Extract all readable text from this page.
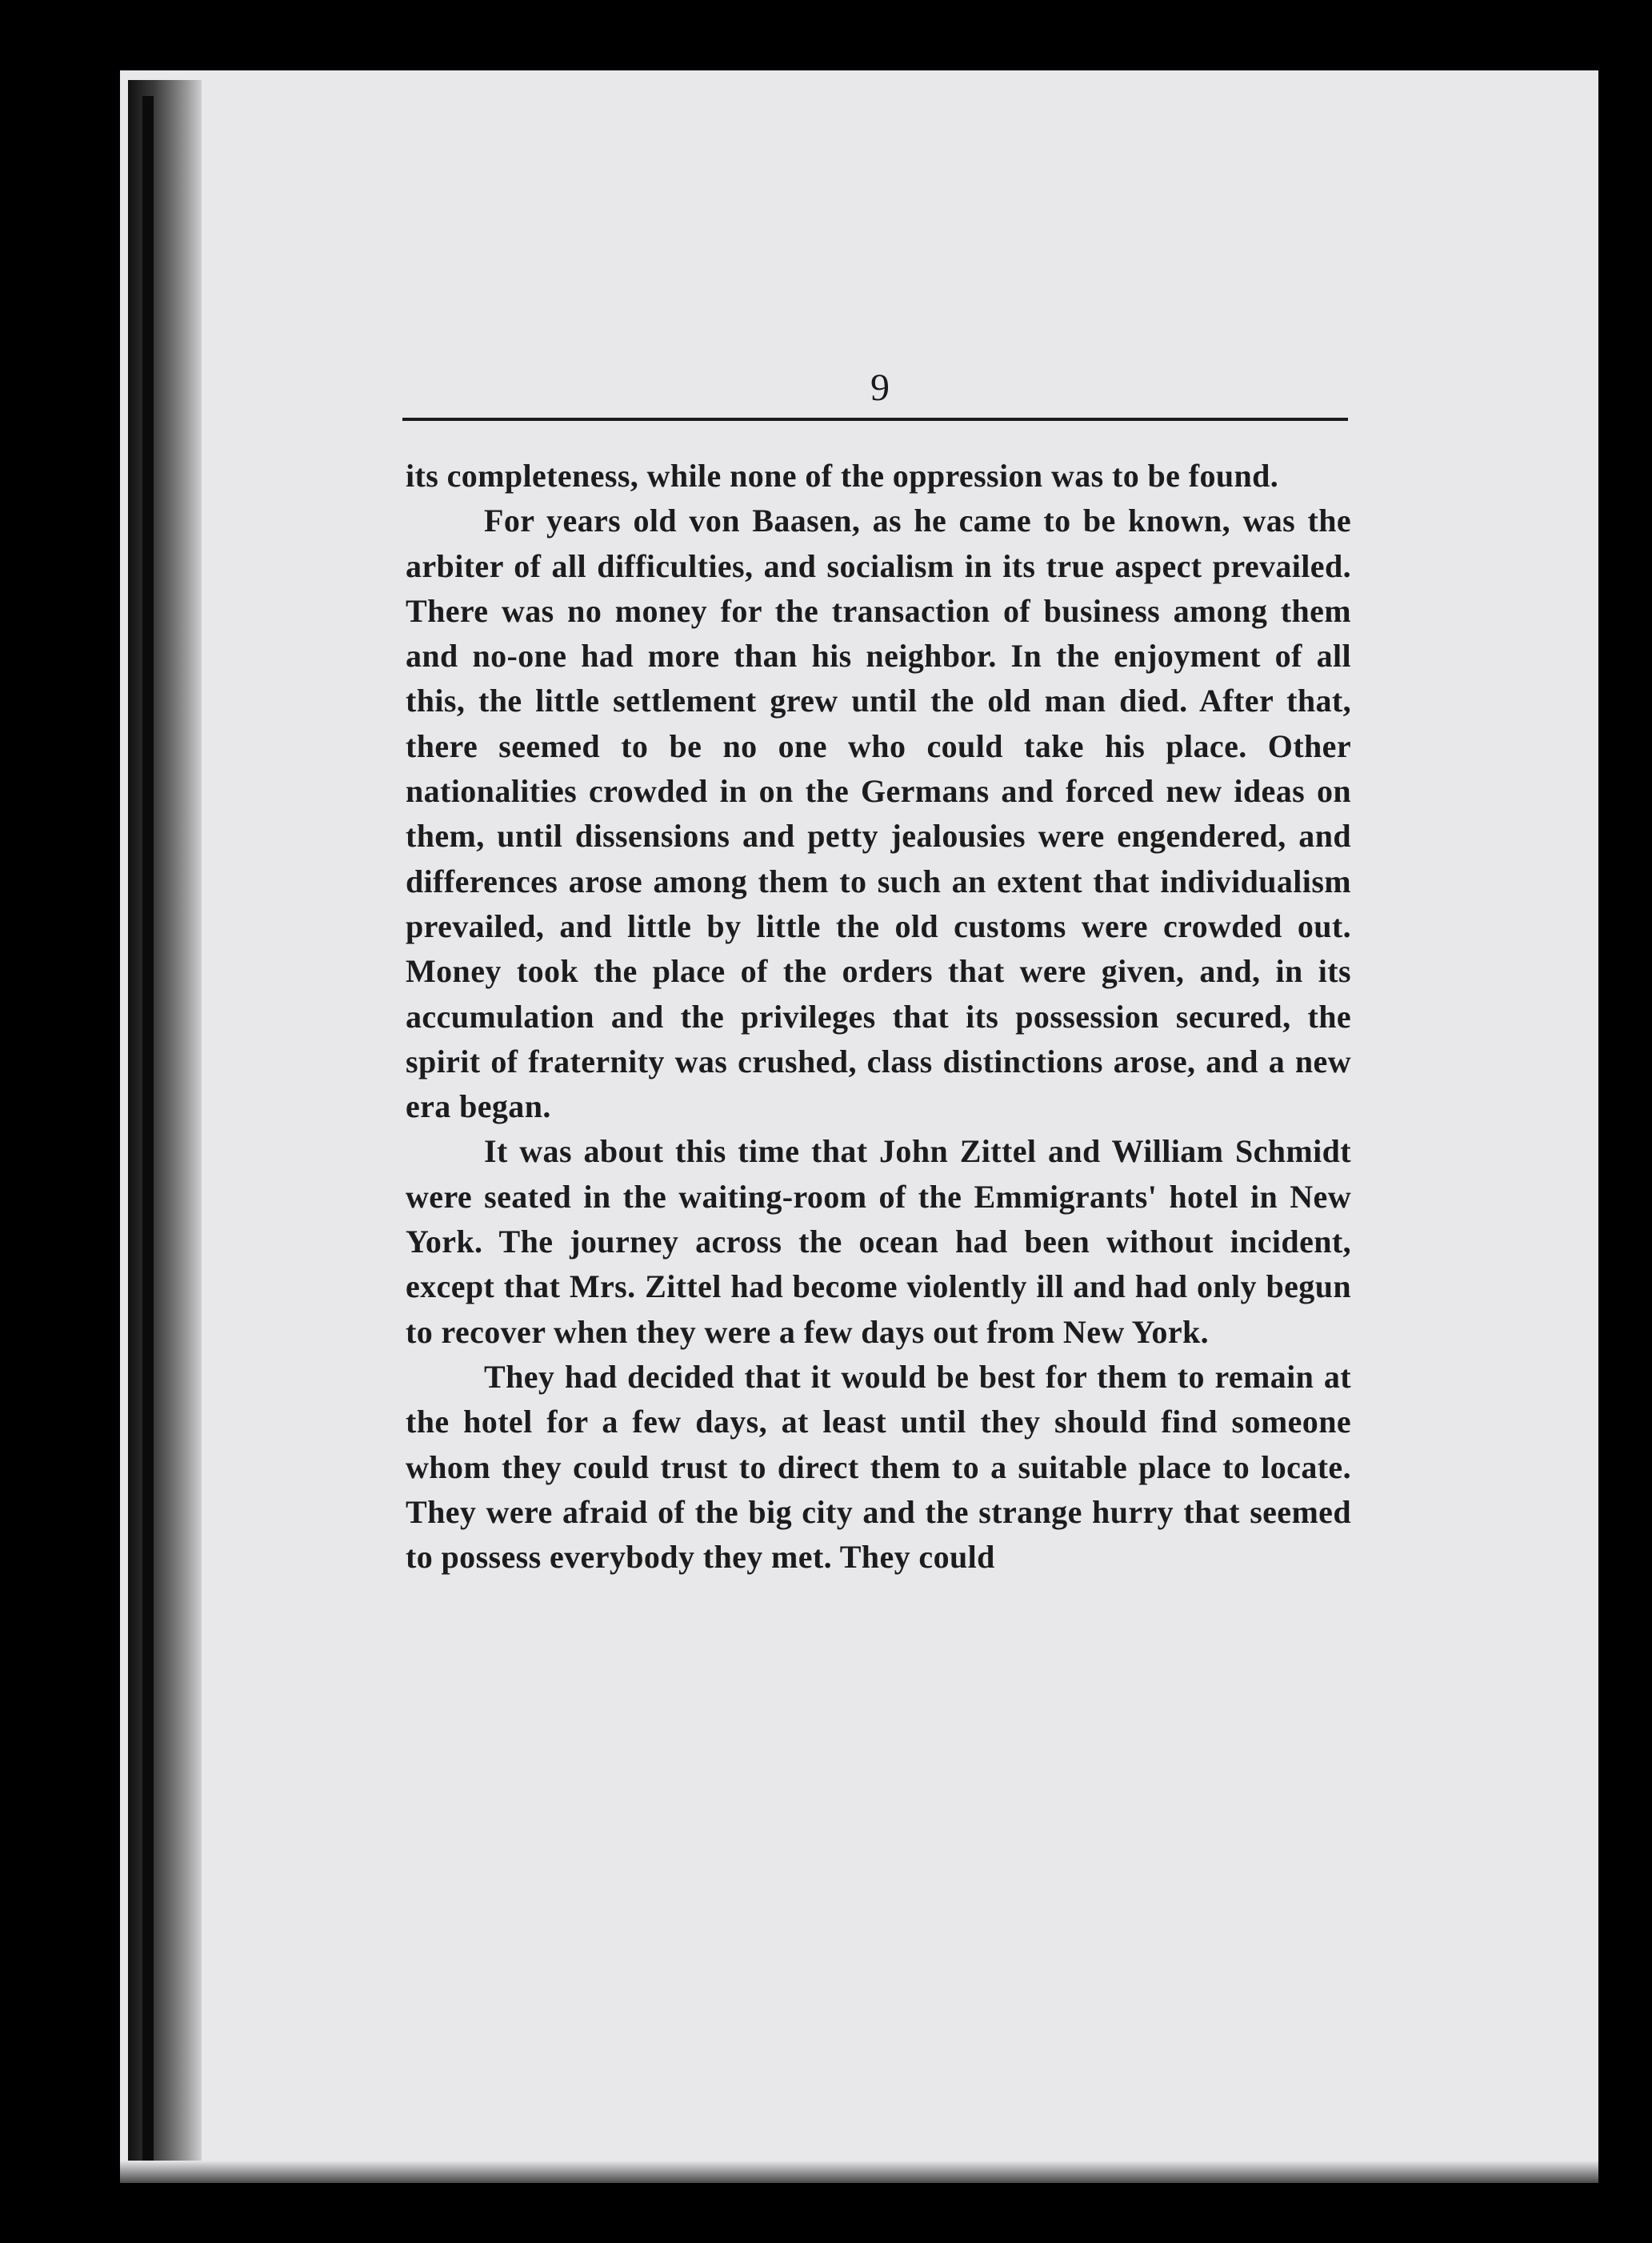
9

its completeness, while none of the oppression was to be found.

For years old von Baasen, as he came to be known, was the arbiter of all difficulties, and socialism in its true aspect prevailed. There was no money for the transaction of business among them and no-one had more than his neighbor. In the enjoyment of all this, the little settlement grew until the old man died. After that, there seemed to be no one who could take his place. Other nationalities crowded in on the Germans and forced new ideas on them, until dissensions and petty jealousies were engendered, and differences arose among them to such an extent that individualism prevailed, and little by little the old customs were crowded out. Money took the place of the orders that were given, and, in its accumulation and the privileges that its possession secured, the spirit of fraternity was crushed, class distinctions arose, and a new era began.

It was about this time that John Zittel and William Schmidt were seated in the waiting-room of the Emmigrants' hotel in New York. The journey across the ocean had been without incident, except that Mrs. Zittel had become violently ill and had only begun to recover when they were a few days out from New York.

They had decided that it would be best for them to remain at the hotel for a few days, at least until they should find someone whom they could trust to direct them to a suitable place to locate. They were afraid of the big city and the strange hurry that seemed to possess everybody they met. They could
